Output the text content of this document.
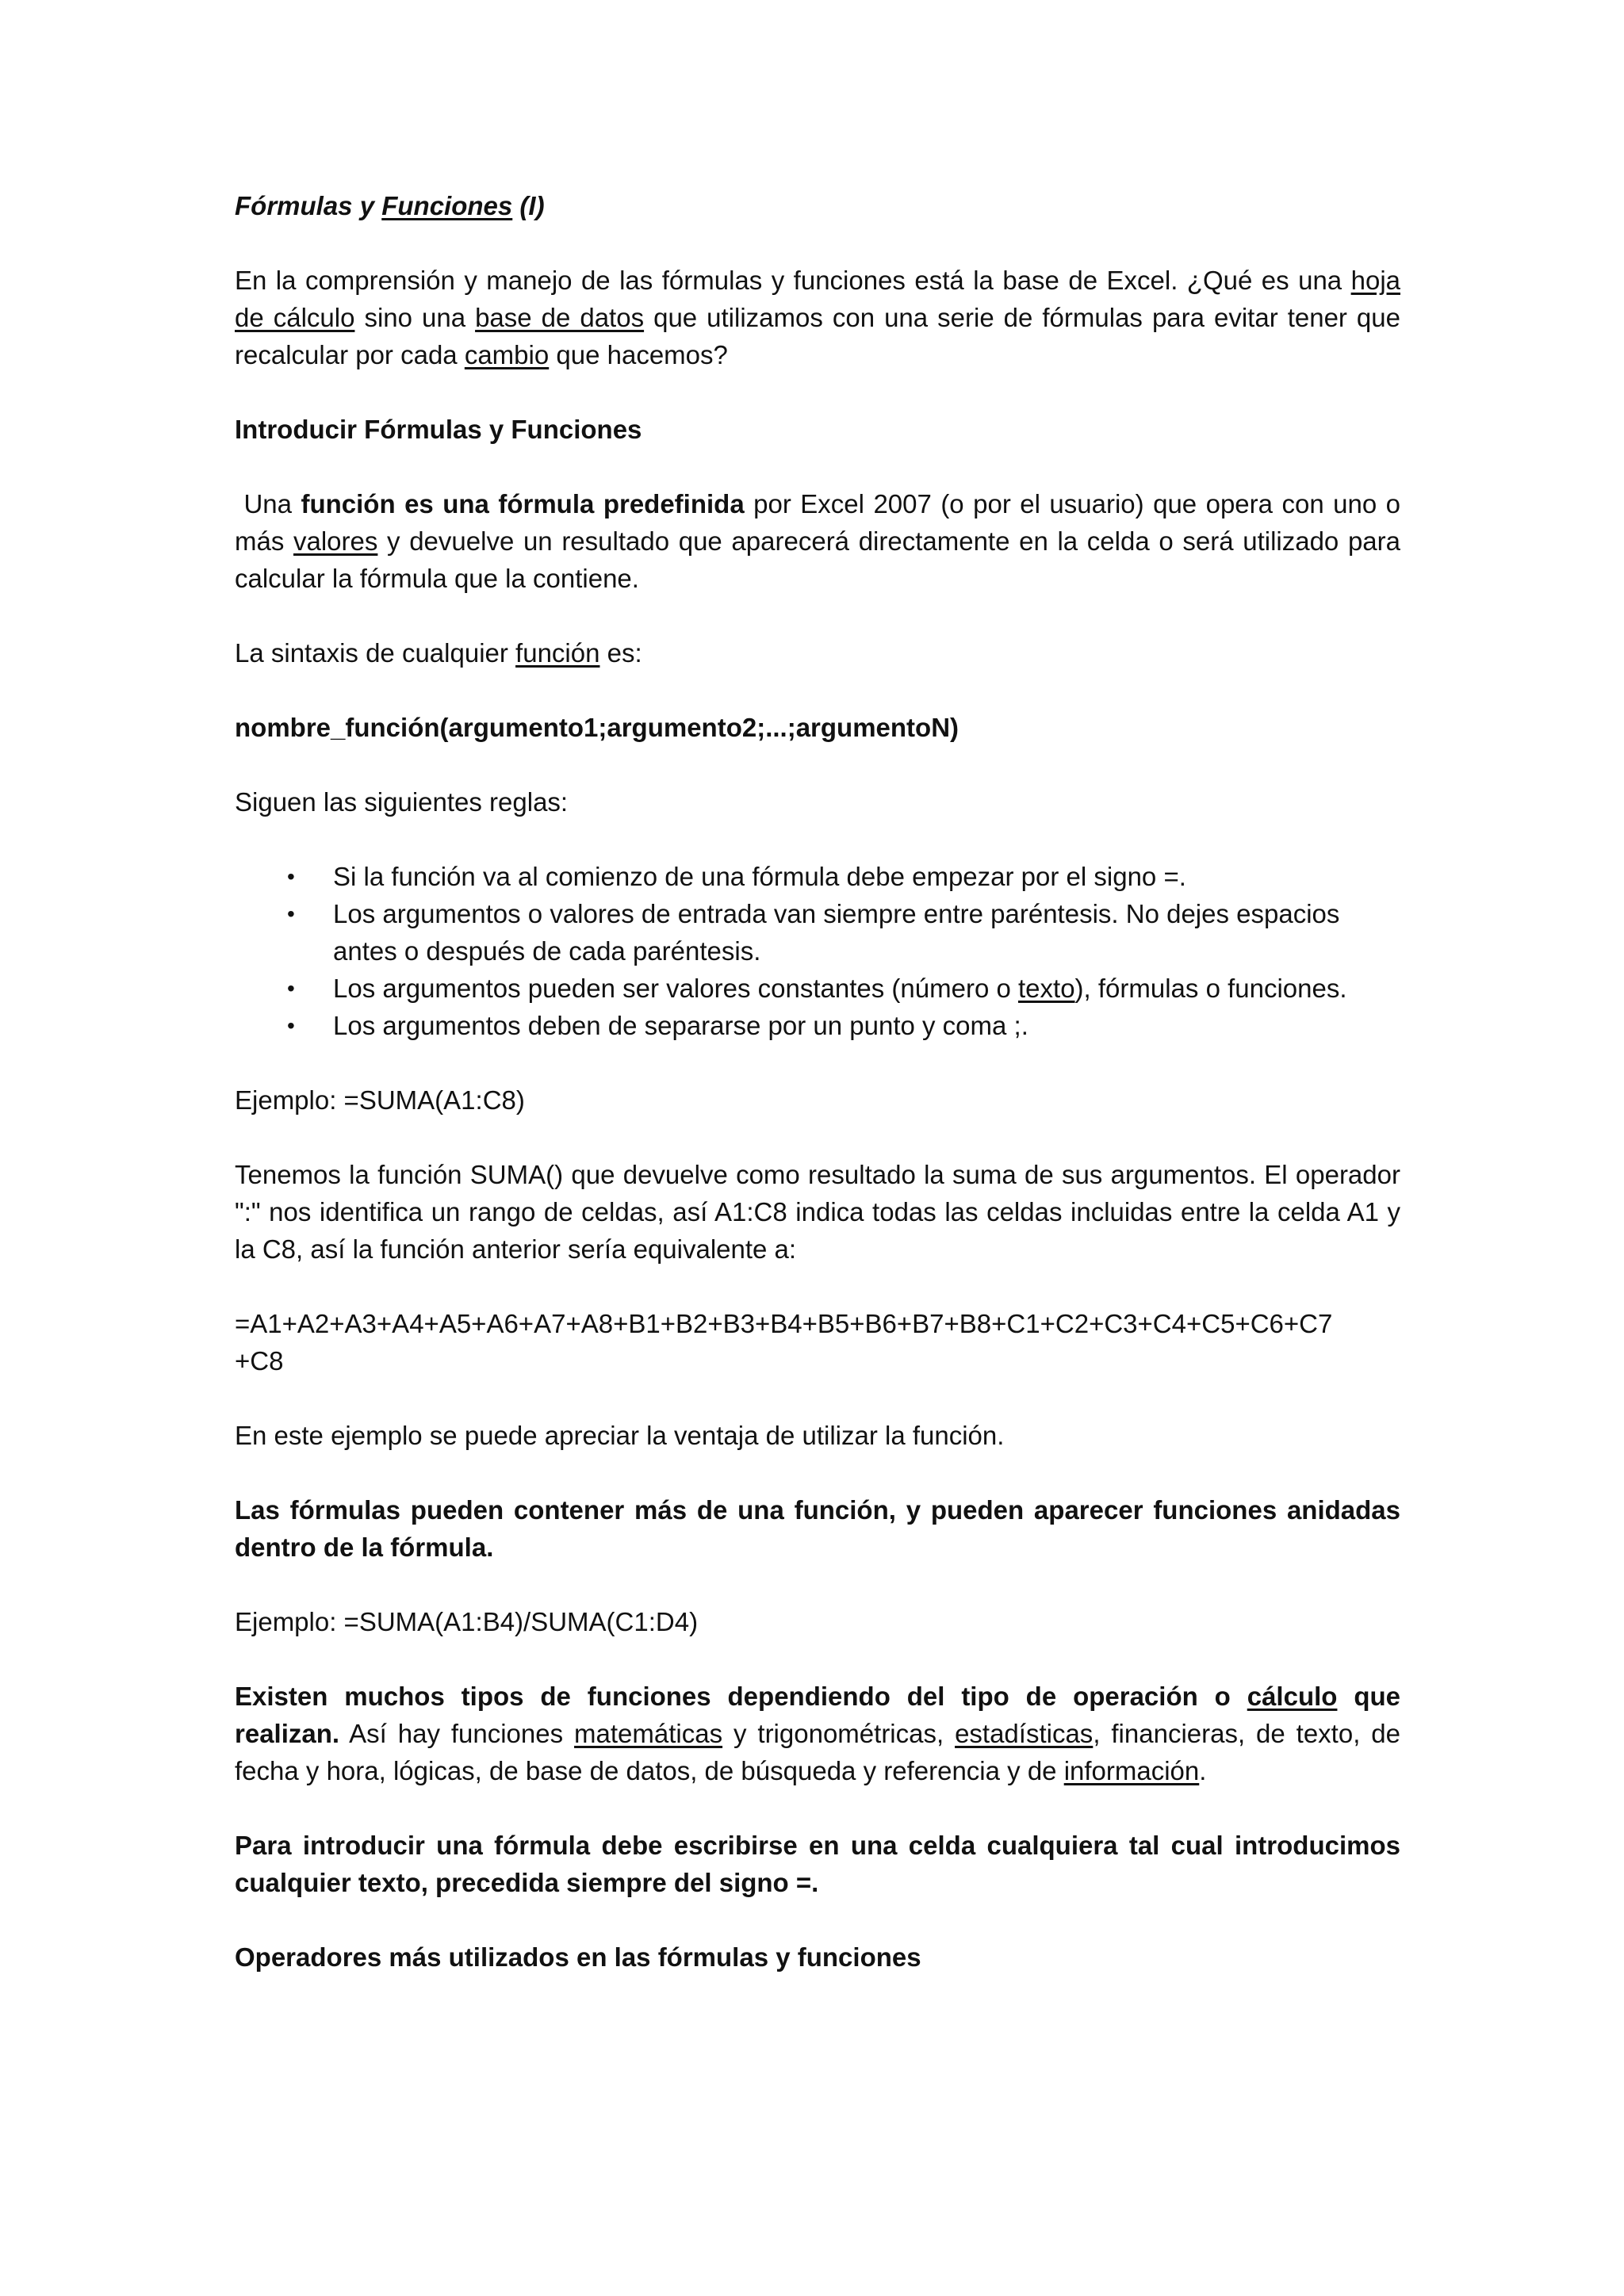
Fórmulas y Funciones (I)

En la comprensión y manejo de las fórmulas y funciones está la base de Excel. ¿Qué es una hoja de cálculo sino una base de datos que utilizamos con una serie de fórmulas para evitar tener que recalcular por cada cambio que hacemos?

Introducir Fórmulas y Funciones

Una función es una fórmula predefinida por Excel 2007 (o por el usuario) que opera con uno o más valores y devuelve un resultado que aparecerá directamente en la celda o será utilizado para calcular la fórmula que la contiene.

La sintaxis de cualquier función es:

nombre_función(argumento1;argumento2;...;argumentoN)

Siguen las siguientes reglas:

• Si la función va al comienzo de una fórmula debe empezar por el signo =.
• Los argumentos o valores de entrada van siempre entre paréntesis. No dejes espacios antes o después de cada paréntesis.
• Los argumentos pueden ser valores constantes (número o texto), fórmulas o funciones.
• Los argumentos deben de separarse por un punto y coma ;.

Ejemplo: =SUMA(A1:C8)

Tenemos la función SUMA() que devuelve como resultado la suma de sus argumentos. El operador ":" nos identifica un rango de celdas, así A1:C8 indica todas las celdas incluidas entre la celda A1 y la C8, así la función anterior sería equivalente a:

=A1+A2+A3+A4+A5+A6+A7+A8+B1+B2+B3+B4+B5+B6+B7+B8+C1+C2+C3+C4+C5+C6+C7
+C8

En este ejemplo se puede apreciar la ventaja de utilizar la función.

Las fórmulas pueden contener más de una función, y pueden aparecer funciones anidadas dentro de la fórmula.

Ejemplo: =SUMA(A1:B4)/SUMA(C1:D4)

Existen muchos tipos de funciones dependiendo del tipo de operación o cálculo que realizan. Así hay funciones matemáticas y trigonométricas, estadísticas, financieras, de texto, de fecha y hora, lógicas, de base de datos, de búsqueda y referencia y de información.

Para introducir una fórmula debe escribirse en una celda cualquiera tal cual introducimos cualquier texto, precedida siempre del signo =.

Operadores más utilizados en las fórmulas y funciones
